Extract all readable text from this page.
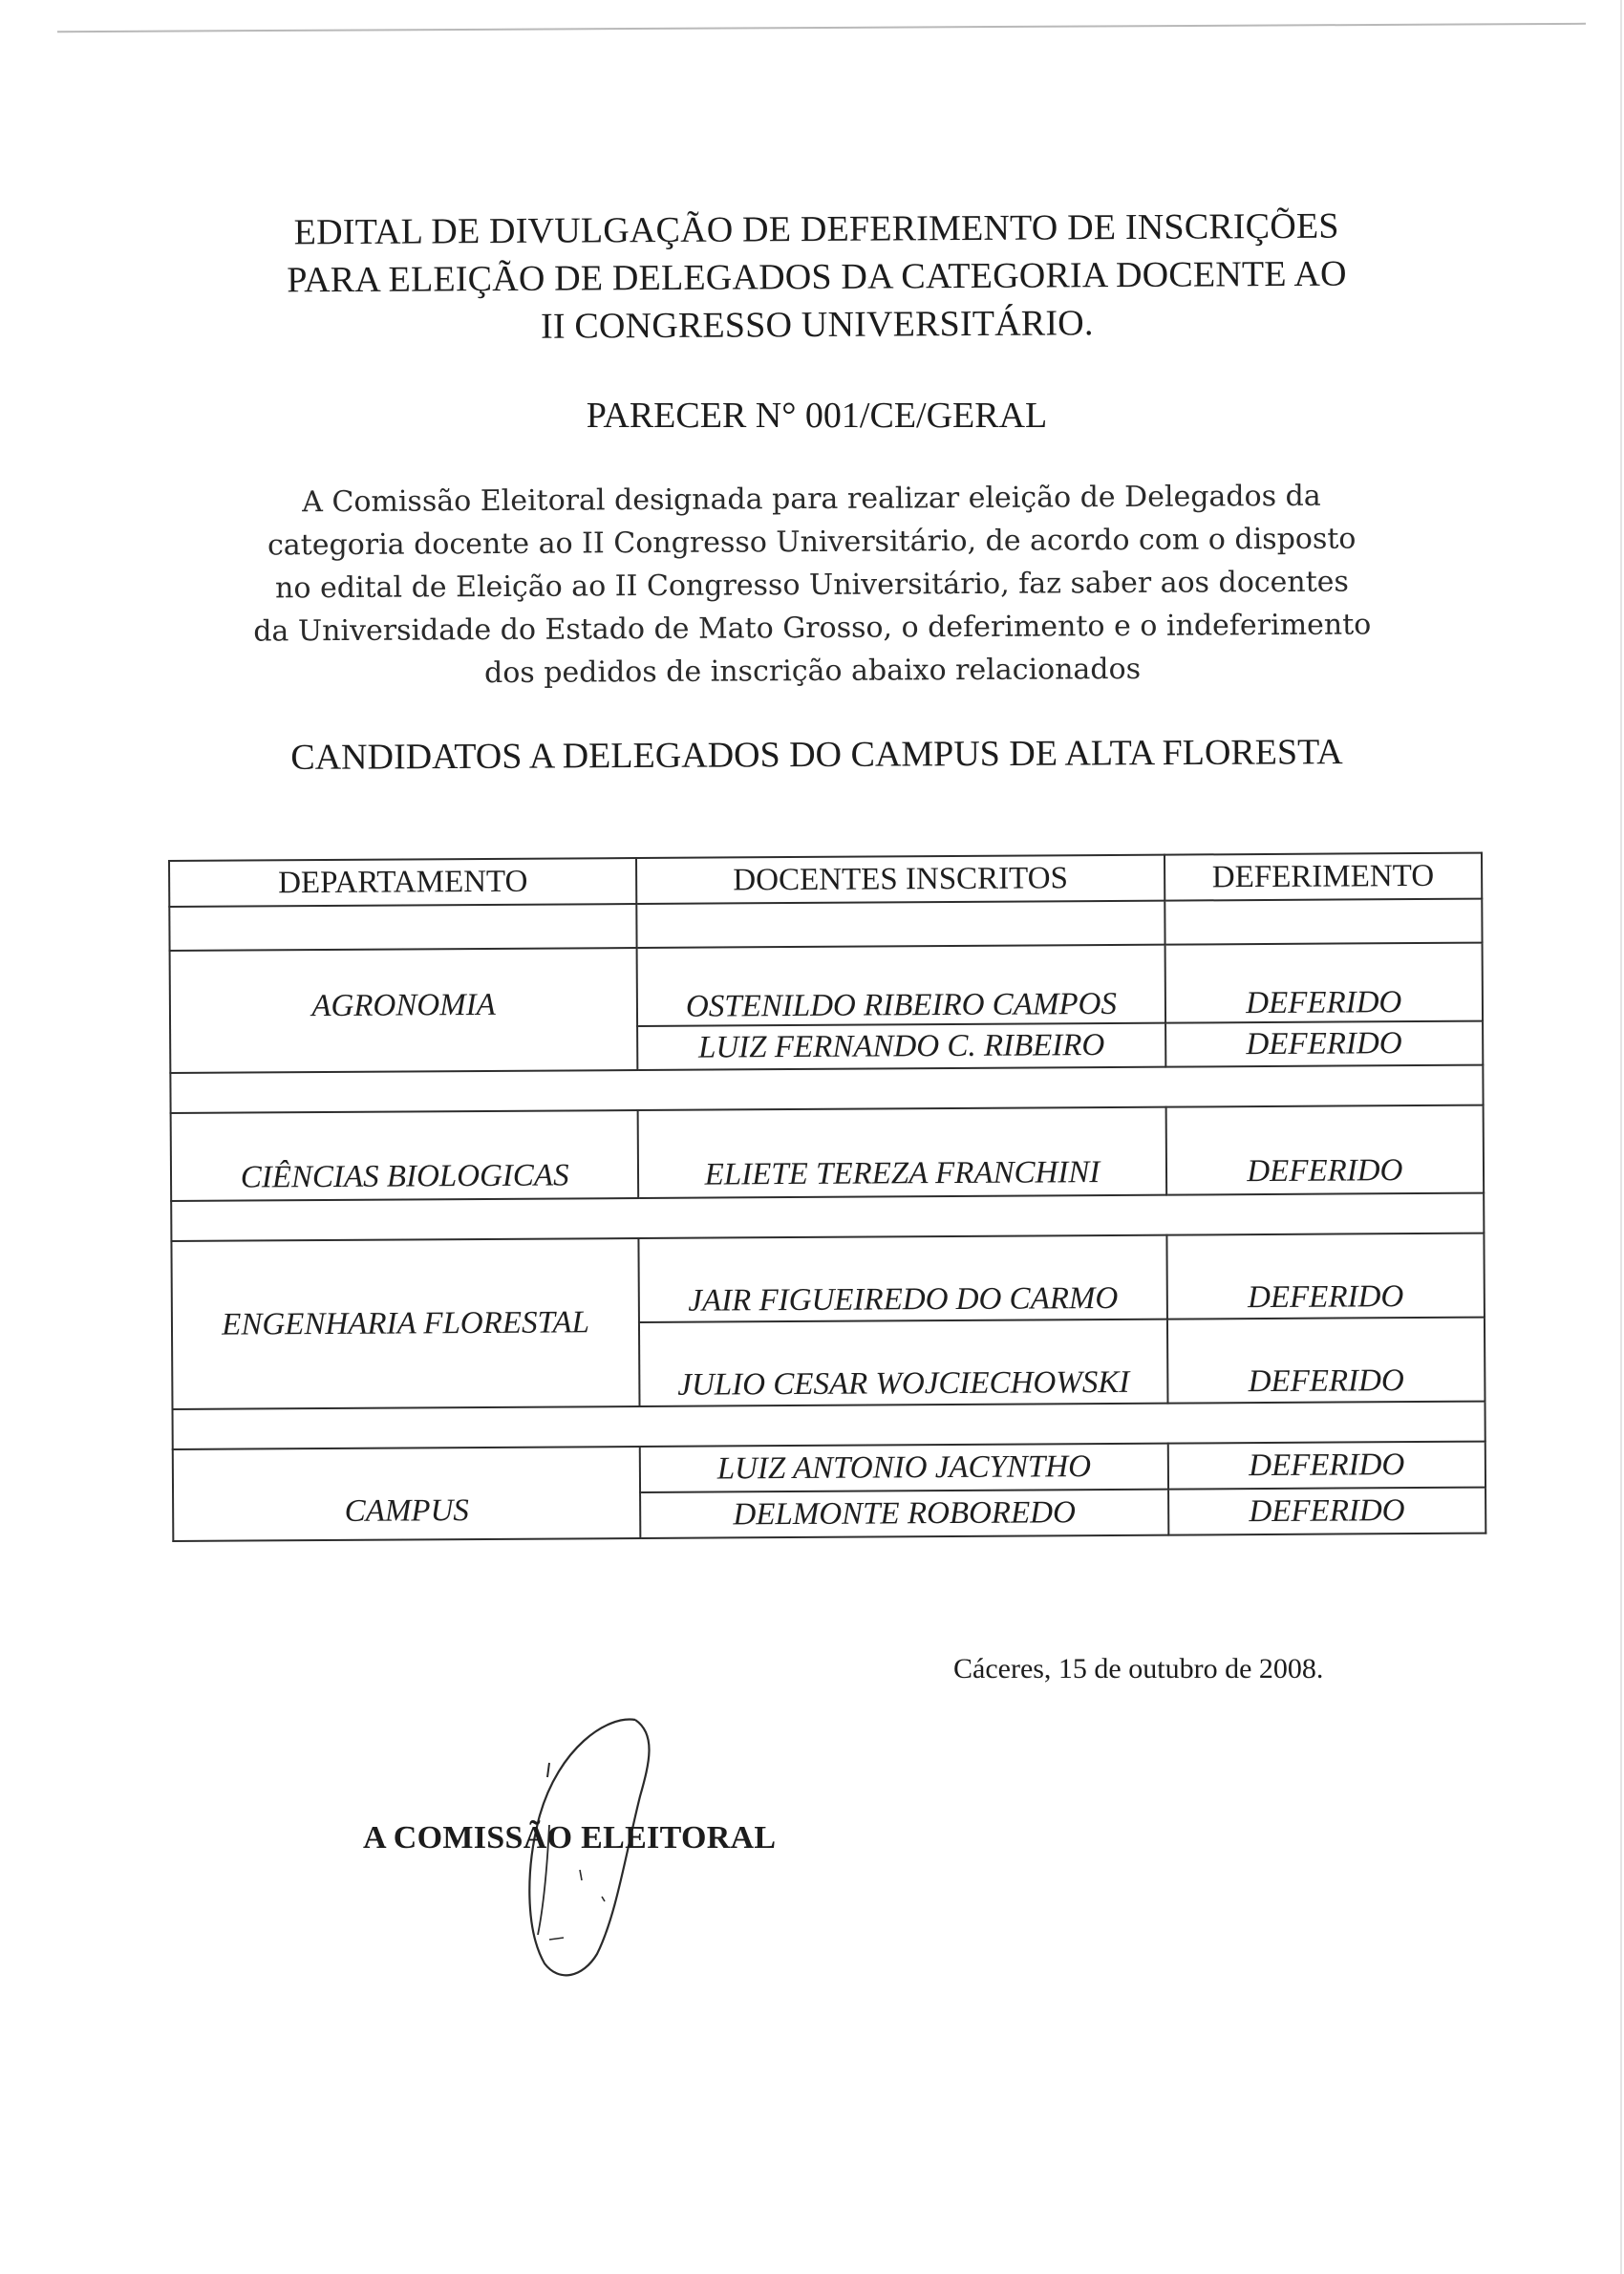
EDITAL DE DIVULGAÇÃO DE DEFERIMENTO DE INSCRIÇÕES
PARA ELEIÇÃO DE DELEGADOS DA CATEGORIA DOCENTE AO
II CONGRESSO UNIVERSITÁRIO.
PARECER N° 001/CE/GERAL
A Comissão Eleitoral designada para realizar eleição de Delegados da
categoria docente ao II Congresso Universitário, de acordo com o disposto
no edital de Eleição ao II Congresso Universitário, faz saber aos docentes
da Universidade do Estado de Mato Grosso, o deferimento e o indeferimento
dos pedidos de inscrição abaixo relacionados
CANDIDATOS A DELEGADOS DO CAMPUS DE ALTA FLORESTA
DEPARTAMENTO	DOCENTES INSCRITOS	DEFERIMENTO

AGRONOMIA	OSTENILDO RIBEIRO CAMPOS	DEFERIDO
	LUIZ FERNANDO C. RIBEIRO	DEFERIDO

CIÊNCIAS BIOLOGICAS	ELIETE TEREZA FRANCHINI	DEFERIDO

ENGENHARIA FLORESTAL	JAIR FIGUEIREDO DO CARMO	DEFERIDO
	JULIO CESAR WOJCIECHOWSKI	DEFERIDO

CAMPUS	LUIZ ANTONIO JACYNTHO	DEFERIDO
	DELMONTE ROBOREDO	DEFERIDO
Cáceres, 15 de outubro de 2008.
A COMISSÃO ELEITORAL
